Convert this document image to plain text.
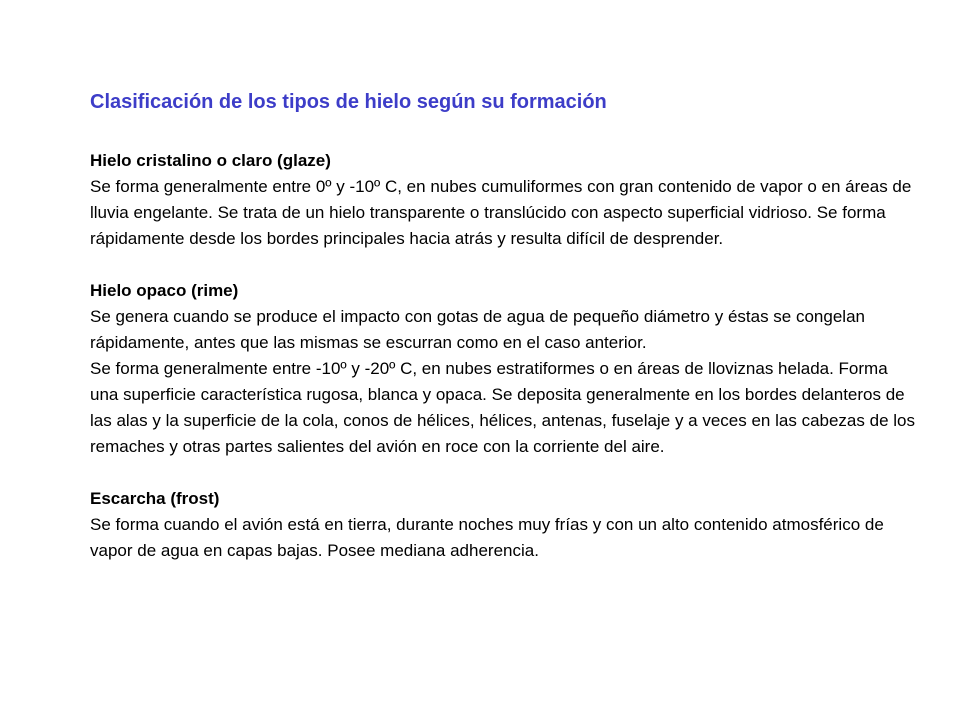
Clasificación de los tipos de hielo según su formación

Hielo cristalino o claro (glaze)

Se forma generalmente entre 0º y -10º C, en nubes cumuliformes con gran contenido de vapor o en áreas de lluvia engelante. Se trata de un hielo transparente o translúcido con aspecto superficial vidrioso. Se forma rápidamente desde los bordes principales hacia atrás y resulta difícil de desprender.

Hielo opaco (rime)

Se genera cuando se produce el impacto con gotas de agua de pequeño diámetro y éstas se congelan rápidamente, antes que las mismas se escurran como en el caso anterior.

Se forma generalmente entre -10º y -20º C, en nubes estratiformes o en áreas de lloviznas helada. Forma una superficie característica rugosa, blanca y opaca. Se deposita generalmente en los bordes delanteros de las alas y la superficie de la cola, conos de hélices, hélices, antenas, fuselaje y a veces en las cabezas de los remaches y otras partes salientes del avión en roce con la corriente del aire.

Escarcha (frost)

Se forma cuando el avión está en tierra, durante noches muy frías y con un alto contenido atmosférico de vapor de agua en capas bajas. Posee mediana adherencia.
